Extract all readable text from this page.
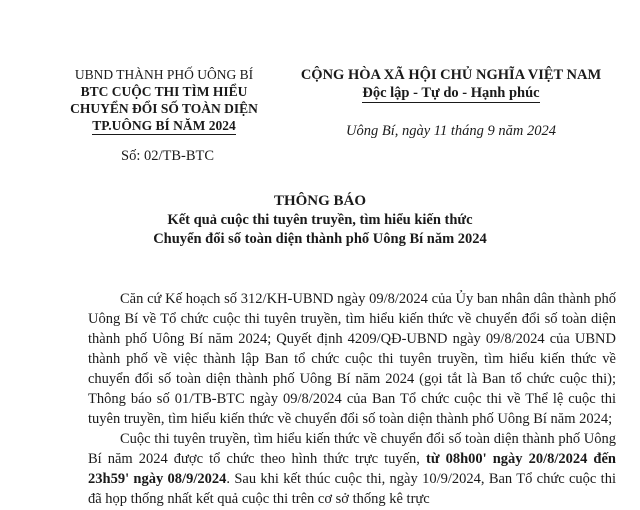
UBND THÀNH PHỐ UÔNG BÍ
BTC CUỘC THI TÌM HIỂU
CHUYỂN ĐỔI SỐ TOÀN DIỆN
TP.UÔNG BÍ NĂM 2024
Số: 02/TB-BTC
CỘNG HÒA XÃ HỘI CHỦ NGHĨA VIỆT NAM
Độc lập - Tự do - Hạnh phúc
Uông Bí, ngày 11 tháng 9 năm 2024
THÔNG BÁO
Kết quả cuộc thi tuyên truyền, tìm hiểu kiến thức
Chuyển đổi số toàn diện thành phố Uông Bí năm 2024

Căn cứ Kế hoạch số 312/KH-UBND ngày 09/8/2024 của Ủy ban nhân dân thành phố Uông Bí về Tổ chức cuộc thi tuyên truyền, tìm hiểu kiến thức về chuyển đổi số toàn diện thành phố Uông Bí năm 2024; Quyết định 4209/QĐ-UBND ngày 09/8/2024 của UBND thành phố về việc thành lập Ban tổ chức cuộc thi tuyên truyền, tìm hiểu kiến thức về chuyển đổi số toàn diện thành phố Uông Bí năm 2024 (gọi tắt là Ban tổ chức cuộc thi); Thông báo số 01/TB-BTC ngày 09/8/2024 của Ban Tổ chức cuộc thi về Thể lệ cuộc thi tuyên truyền, tìm hiểu kiến thức về chuyển đổi số toàn diện thành phố Uông Bí năm 2024;

Cuộc thi tuyên truyền, tìm hiểu kiến thức về chuyển đổi số toàn diện thành phố Uông Bí năm 2024 được tổ chức theo hình thức trực tuyến, từ 08h00' ngày 20/8/2024 đến 23h59' ngày 08/9/2024. Sau khi kết thúc cuộc thi, ngày 10/9/2024, Ban Tổ chức cuộc thi đã họp thống nhất kết quả cuộc thi trên cơ sở thống kê trực
